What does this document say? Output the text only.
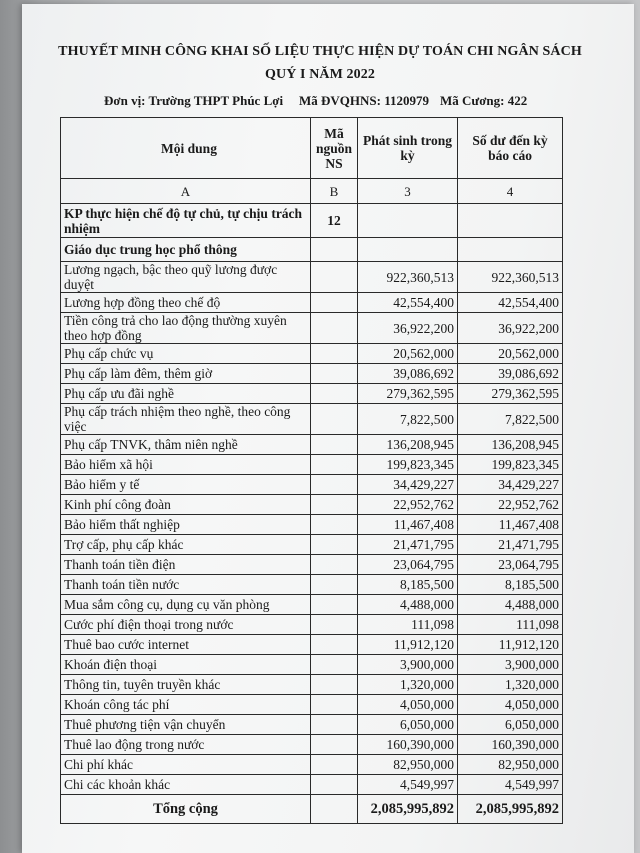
THUYẾT MINH CÔNG KHAI SỐ LIỆU THỰC HIỆN DỰ TOÁN CHI NGÂN SÁCH
QUÝ I NĂM 2022
Đơn vị: Trường THPT Phúc Lợi Mã ĐVQHNS: 1120979 Mã Cương: 422
Mội dung	Mã nguồn NS	Phát sinh trong kỳ	Số dư đến kỳ báo cáo
A	B	3	4
KP thực hiện chế độ tự chủ, tự chịu trách nhiệm	12		
Giáo dục trung học phổ thông			
Lương ngạch, bậc theo quỹ lương được duyệt		922,360,513	922,360,513
Lương hợp đồng theo chế độ		42,554,400	42,554,400
Tiền công trả cho lao động thường xuyên theo hợp đồng		36,922,200	36,922,200
Phụ cấp chức vụ		20,562,000	20,562,000
Phụ cấp làm đêm, thêm giờ		39,086,692	39,086,692
Phụ cấp ưu đãi nghề		279,362,595	279,362,595
Phụ cấp trách nhiệm theo nghề, theo công việc		7,822,500	7,822,500
Phụ cấp TNVK, thâm niên nghề		136,208,945	136,208,945
Bảo hiểm xã hội		199,823,345	199,823,345
Bảo hiểm y tế		34,429,227	34,429,227
Kinh phí công đoàn		22,952,762	22,952,762
Bảo hiểm thất nghiệp		11,467,408	11,467,408
Trợ cấp, phụ cấp khác		21,471,795	21,471,795
Thanh toán tiền điện		23,064,795	23,064,795
Thanh toán tiền nước		8,185,500	8,185,500
Mua sắm công cụ, dụng cụ văn phòng		4,488,000	4,488,000
Cước phí điện thoại trong nước		111,098	111,098
Thuê bao cước internet		11,912,120	11,912,120
Khoán điện thoại		3,900,000	3,900,000
Thông tin, tuyên truyền khác		1,320,000	1,320,000
Khoán công tác phí		4,050,000	4,050,000
Thuê phương tiện vận chuyển		6,050,000	6,050,000
Thuê lao động trong nước		160,390,000	160,390,000
Chi phí khác		82,950,000	82,950,000
Chi các khoản khác		4,549,997	4,549,997
Tổng cộng		2,085,995,892	2,085,995,892
